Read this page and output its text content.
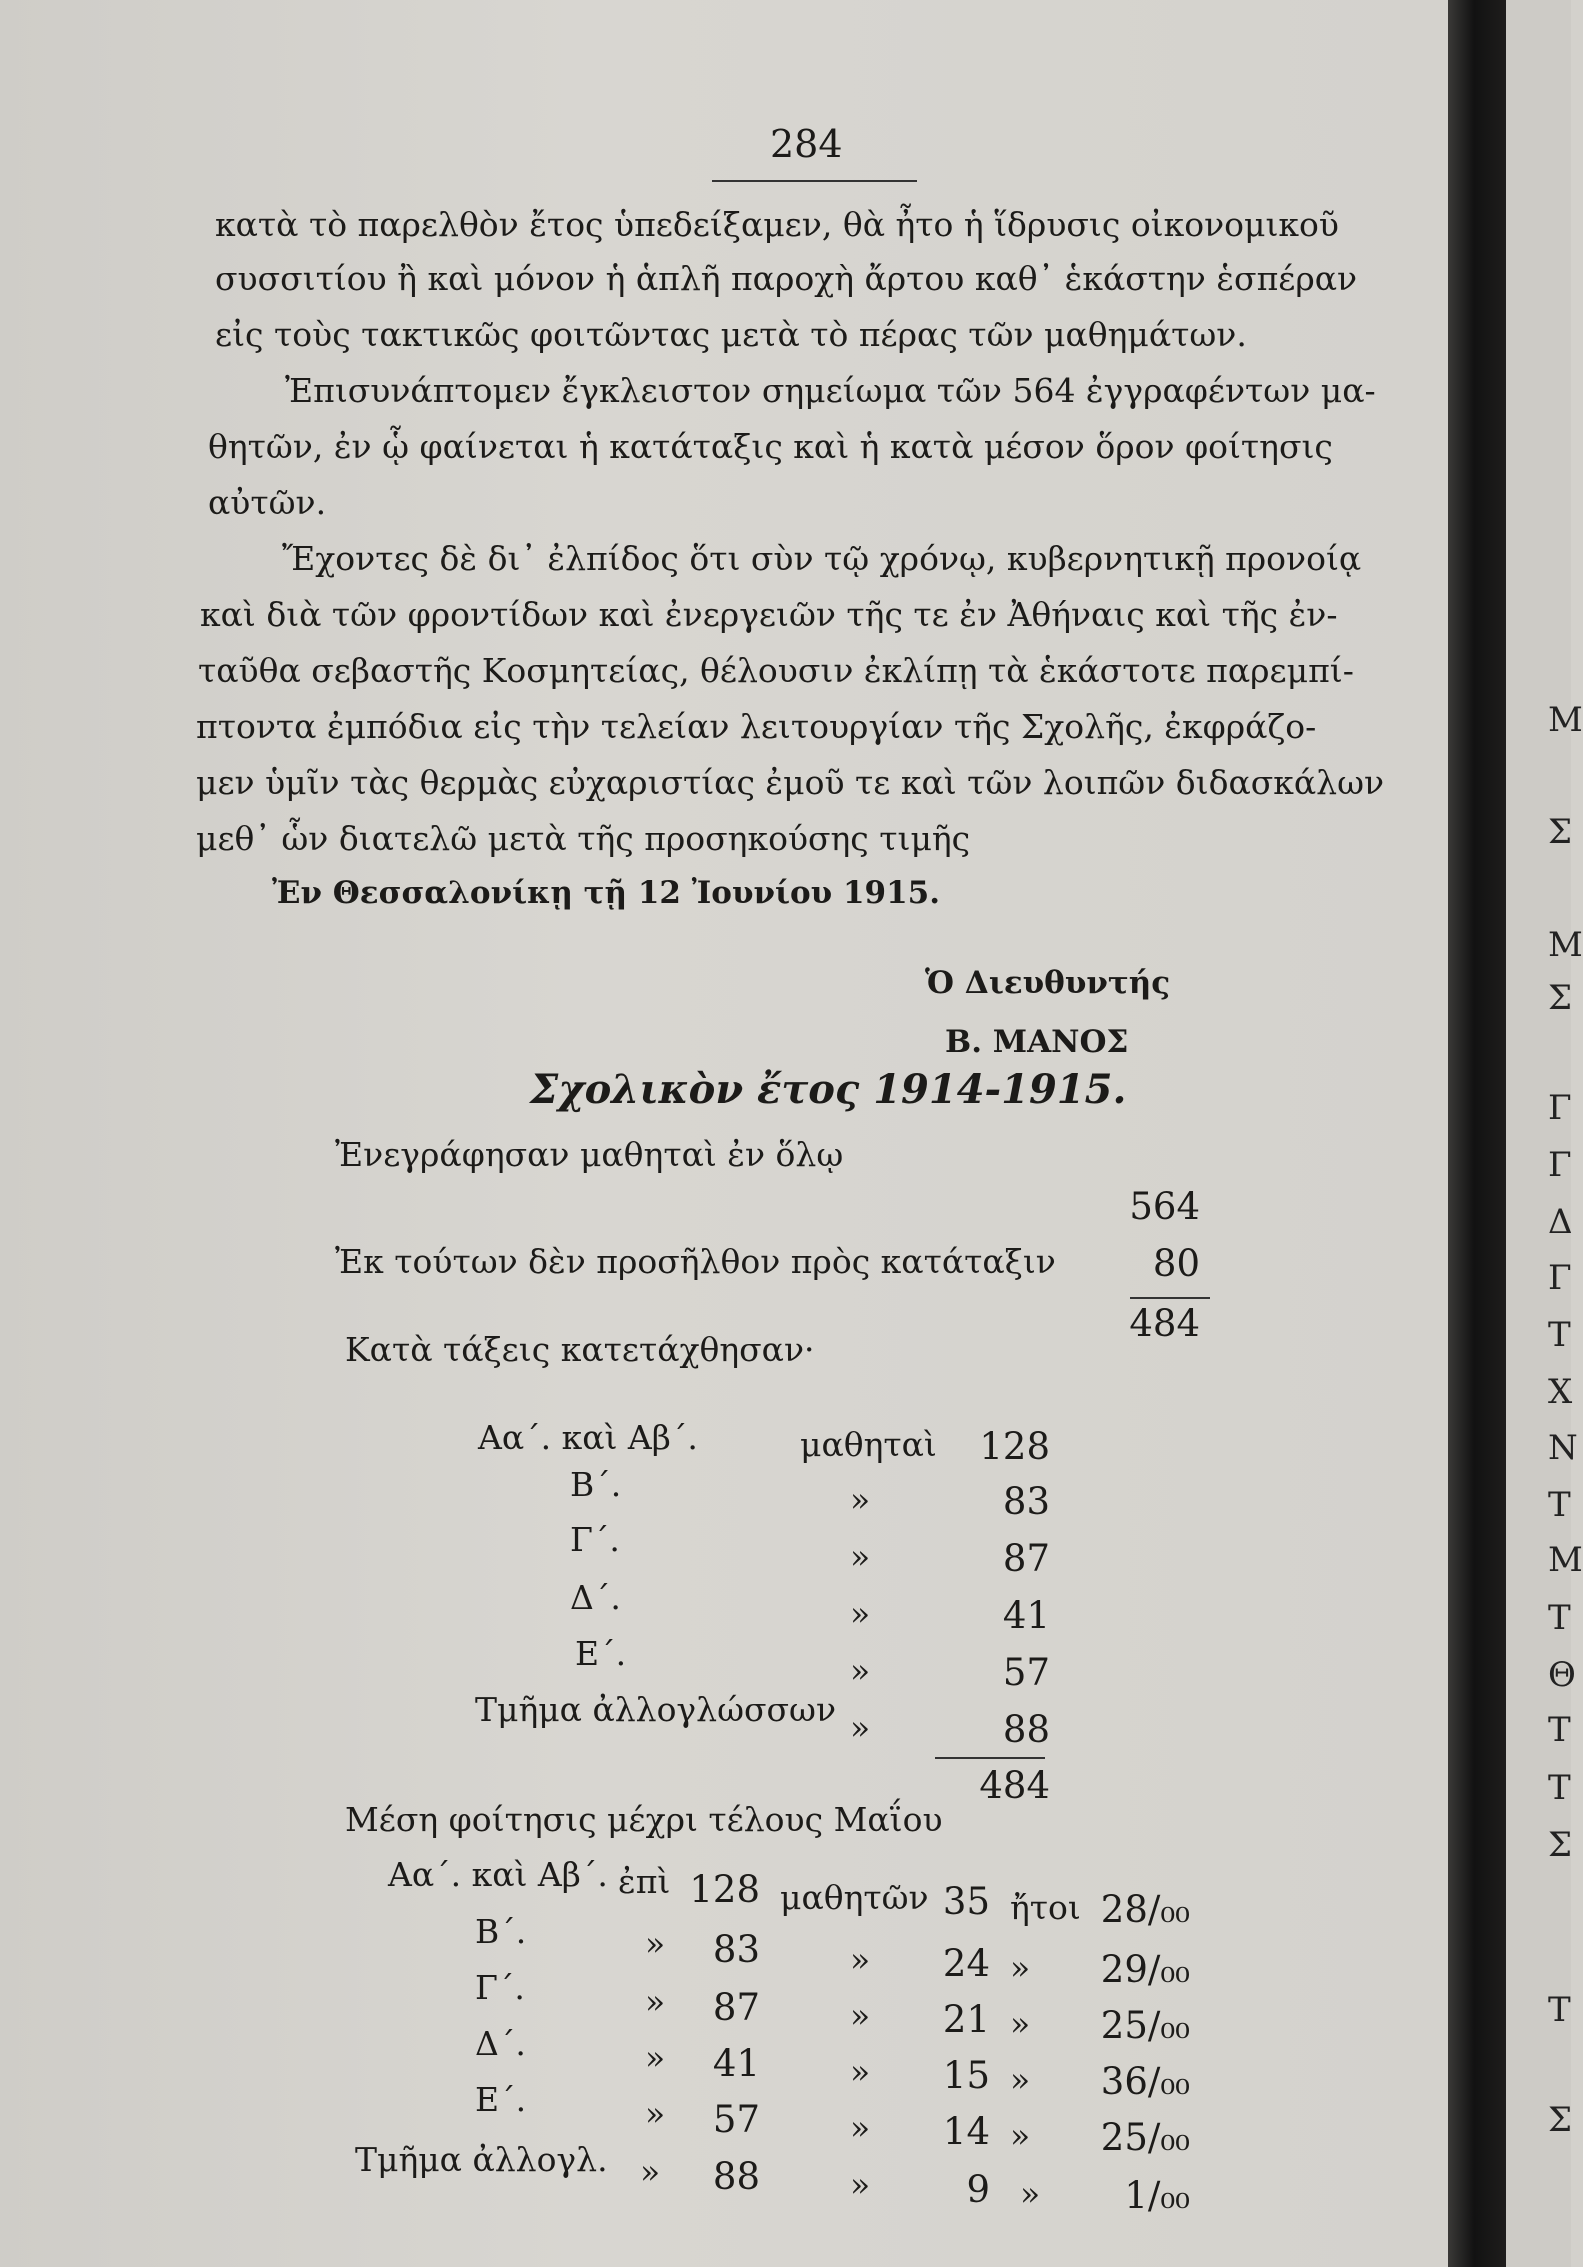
284
κατὰ τὸ παρελθὸν ἔτος ὑπεδείξαμεν, θὰ ἦτο ἡ ἵδρυσις οἰκονομικοῦ
συσσιτίου ἢ καὶ μόνον ἡ ἁπλῆ παροχὴ ἄρτου καθ᾽ ἑκάστην ἑσπέραν
εἰς τοὺς τακτικῶς φοιτῶντας μετὰ τὸ πέρας τῶν μαθημάτων.
Ἐπισυνάπτομεν ἔγκλειστον σημείωμα τῶν 564 ἐγγραφέντων μα-
θητῶν, ἐν ᾧ φαίνεται ἡ κατάταξις καὶ ἡ κατὰ μέσον ὅρον φοίτησις
αὐτῶν.
Ἔχοντες δὲ δι᾽ ἐλπίδος ὅτι σὺν τῷ χρόνῳ, κυβερνητικῇ προνοίᾳ
καὶ διὰ τῶν φροντίδων καὶ ἐνεργειῶν τῆς τε ἐν Ἀθήναις καὶ τῆς ἐν-
ταῦθα σεβαστῆς Κοσμητείας, θέλουσιν ἐκλίπῃ τὰ ἑκάστοτε παρεμπί-
πτοντα ἐμπόδια εἰς τὴν τελείαν λειτουργίαν τῆς Σχολῆς, ἐκφράζο-
μεν ὑμῖν τὰς θερμὰς εὐχαριστίας ἐμοῦ τε καὶ τῶν λοιπῶν διδασκάλων
μεθ᾽ ὧν διατελῶ μετὰ τῆς προσηκούσης τιμῆς
Ἐν Θεσσαλονίκῃ τῇ 12 Ἰουνίου 1915.
Ὁ Διευθυντής
Β. ΜΑΝΟΣ
Σχολικὸν ἔτος 1914-1915.
Ἐνεγράφησαν μαθηταὶ ἐν ὅλῳ
564
Ἐκ τούτων δὲν προσῆλθον πρὸς κατάταξιν	80
484
Κατὰ τάξεις κατετάχθησαν·
Αα΄. καὶ Αβ΄.	μαθηταὶ	128
Β΄.	»	83
Γ΄.	»	87
Δ΄.	»	41
Ε΄.	»	57
Τμῆμα ἀλλογλώσσων »	88
484
Μέση φοίτησις μέχρι τέλους Μαΐου
Αα΄. καὶ Αβ΄. ἐπὶ 128 μαθητῶν 35 ἤτοι 28/₀₀
Β΄.	»	83	» 24 »	29/₀₀
Γ΄.	»	87	» 21 »	25/₀₀
Δ΄.	»	41	» 15 »	36/₀₀
Ε΄.	»	57	» 14 »	25/₀₀
Τμῆμα ἀλλογλ. »	88	»	9 »	1/₀₀
Μ
Σ
Μ
Σ
Γ
Γ
Δ
Γ
Τ
Χ
Ν
Τ
Μ
Τ
Θ
Τ
Τ
Σ
Τ
Σ
